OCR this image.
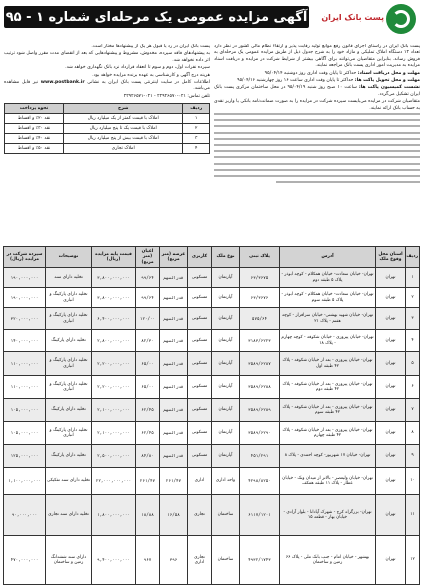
پست بانک ایران
آگهی مزایده عمومی یک مرحله‌ای شماره ۱ - ۹۵

پست بانک ایران در راستای اجرای قانون رفع موانع تولید رقابت پذیر و ارتقاء نظام مالی کشور در نظر دارد تعداد ۱۲ دستگاه املاک تملیکی و مازاد خود را به شرح جدول ذیل از طریق مزایده عمومی یک مرحله‌ای به فروش رساند. بنابراین متقاضیان می‌توانند برای آگاهی بیشتر از شرایط شرکت در مزایده و دریافت اسناد مزایده به مدیریت امور اداری پست بانک مراجعه نمایند.

مهلت و محل دریافت اسناد: حداکثر تا پایان وقت اداری روز دوشنبه ۹۵/۰۴/۱۴

مهلت و محل تحویل پاکت ها: حداکثر تا پایان وقت اداری ساعت ۱۶ روز چهارشنبه ۹۵/۰۴/۱۶

نشست کمیسیون پاکت ها: ساعت ۱۰ صبح روز شنبه ۹۵/۰۴/۱۹ در محل ساختمان مرکزی پست بانک ایران تشکیل می‌گردد.

متقاضیان شرکت در مزایده می‌بایست سپرده شرکت در مزایده را به صورت ضمانت‌نامه بانکی یا واریز نقدی به حساب بانک ارائه نمایند.

پست بانک ایران در رد یا قبول هر یک از پیشنهادها مختار است.

به پیشنهادهای فاقد سپرده، مخدوش، مشروط و پیشنهادهایی که بعد از انقضای مدت مقرر واصل شود ترتیب اثر داده نخواهد شد.

سپرده نفرات اول، دوم و سوم تا انعقاد قرارداد نزد بانک نگهداری خواهد شد.

هزینه درج آگهی و کارشناسی به عهده برنده مزایده خواهد بود.

اطلاعات کامل در سایت اینترنتی پست بانک ایران به نشانی www.postbank.ir نیز قابل مشاهده می‌باشد.

تلفن تماس: ۰۲۱-۲۲۹۲۶۵۷۰ - ۰۲۱-۲۲۹۲۶۵۷۱

ردیف	شرح	نحوه پرداخت
۱	املاک با قیمت کمتر از یک میلیارد ریال	نقد ۲۰٪ و اقساط
۲	املاک با قیمت یک تا پنج میلیارد ریال	نقد ۳۰٪ و اقساط
۳	املاک با قیمت بیش از پنج میلیارد ریال	نقد ۴۰٪ و اقساط
۴	املاک تجاری	نقد ۵۰٪ و اقساط
ردیف	استان محل وقوع ملک	آدرس	پلاک ثبتی	نوع ملک	کاربری	عرصه (متر مربع)	اعیان (متر مربع)	قیمت پایه مزایده (ریال)	توضیحات	سپرده شرکت در مزایده (ریال)
۱	تهران	تهران- خیابان سعادت- خیابان همکلام - کوچه ابوذر - پلاک ۵ طبقه دوم	۶۳/۳۶۷۵	آپارتمان	مسکونی	قدرالسهم	۹۹/۶۴	۳,۸۰۰,۰۰۰,۰۰۰	تخلیه دارای سند	۱۹۰,۰۰۰,۰۰۰
۲	تهران	تهران- خیابان سعادت- خیابان همکلام - کوچه ابوذر - پلاک ۵ طبقه سوم	۶۳/۳۶۷۶	آپارتمان	مسکونی	قدرالسهم	۹۹/۶۴	۳,۸۰۰,۰۰۰,۰۰۰	تخلیه دارای پارکینگ و انباری	۱۹۰,۰۰۰,۰۰۰
۳	تهران	تهران- خیابان شهید بهشتی- خیابان سرافراز - کوچه هفتم - پلاک ۲۱	۵۷۵/۶۴	آپارتمان	مسکونی	قدرالسهم	۱۲۰/۰۰	۶,۴۰۰,۰۰۰,۰۰۰	تخلیه دارای پارکینگ و انباری	۳۲۰,۰۰۰,۰۰۰
۴	تهران	تهران- خیابان پیروزی - خیابان شکوفه - کوچه چهارم - پلاک ۱۸	۳۱۸۳/۶۲۲۳	آپارتمان	مسکونی	قدرالسهم	۸۲/۳۰	۲,۸۰۰,۰۰۰,۰۰۰	تخلیه دارای پارکینگ	۱۴۰,۰۰۰,۰۰۰
۵	تهران	تهران- خیابان پیروزی - بعد از خیابان شکوفه - پلاک ۴۲ طبقه اول	۳۵۸۹/۶۲۸۷	آپارتمان	مسکونی	قدرالسهم	۶۵/۰۰	۲,۲۰۰,۰۰۰,۰۰۰	تخلیه دارای پارکینگ و انباری	۱۱۰,۰۰۰,۰۰۰
۶	تهران	تهران- خیابان پیروزی - بعد از خیابان شکوفه - پلاک ۴۲ طبقه دوم	۳۵۸۹/۶۲۸۸	آپارتمان	مسکونی	قدرالسهم	۶۵/۰۰	۲,۲۰۰,۰۰۰,۰۰۰	تخلیه دارای پارکینگ و انباری	۱۱۰,۰۰۰,۰۰۰
۷	تهران	تهران- خیابان پیروزی - بعد از خیابان شکوفه - پلاک ۴۲ طبقه سوم	۳۵۸۹/۶۲۸۹	آپارتمان	مسکونی	قدرالسهم	۶۲/۴۵	۲,۱۰۰,۰۰۰,۰۰۰	تخلیه دارای پارکینگ	۱۰۵,۰۰۰,۰۰۰
۸	تهران	تهران- خیابان پیروزی - بعد از خیابان شکوفه - پلاک ۴۲ طبقه چهارم	۳۵۸۹/۶۲۹۰	آپارتمان	مسکونی	قدرالسهم	۶۲/۴۵	۲,۱۰۰,۰۰۰,۰۰۰	تخلیه دارای پارکینگ و انباری	۱۰۵,۰۰۰,۰۰۰
۹	تهران	تهران- خیابان ۱۷ شهریور- کوچه احمدی - پلاک ۸	۴۵۱/۲۹۱	آپارتمان	مسکونی	قدرالسهم	۸۴/۸۰	۲,۵۰۰,۰۰۰,۰۰۰	تخلیه دارای پارکینگ	۱۲۵,۰۰۰,۰۰۰
۱۰	تهران	تهران- خیابان ولیعصر - بالاتر از میدان ونک - خیابان عطار - پلاک ۱۱ طبقه همکف	۴۲۹۸/۸۲۵۰	واحد اداری	اداری	۲۶۱/۴۷	۲۶۱/۴۷	۲۲,۰۰۰,۰۰۰,۰۰۰	تخلیه دارای سند تفکیکی	۱,۱۰۰,۰۰۰,۰۰۰
۱۱	تهران	تهران- بزرگراه کرج - شهرک آپادانا - بلوار آزادی - خیابان بهار - قطعه ۱۵	۶۱۱۷/۱۲۰۱	ساختمان	تجاری	۱۶/۵۸	۱۸/۸۸	۱,۸۰۰,۰۰۰,۰۰۰	تخلیه دارای سند تجاری	۹۰,۰۰۰,۰۰۰
۱۲	تهران	بهشهر - خیابان امام - جنب بانک ملی - پلاک ۶۶ زمین و ساختمان	۴۹۳۲/۱۷۴۳	ساختمان	تجاری اداری	۳۹۶	۹۶۷	۹,۴۰۰,۰۰۰,۰۰۰	دارای سند ششدانگ زمین و ساختمان	۴۷۰,۰۰۰,۰۰۰
